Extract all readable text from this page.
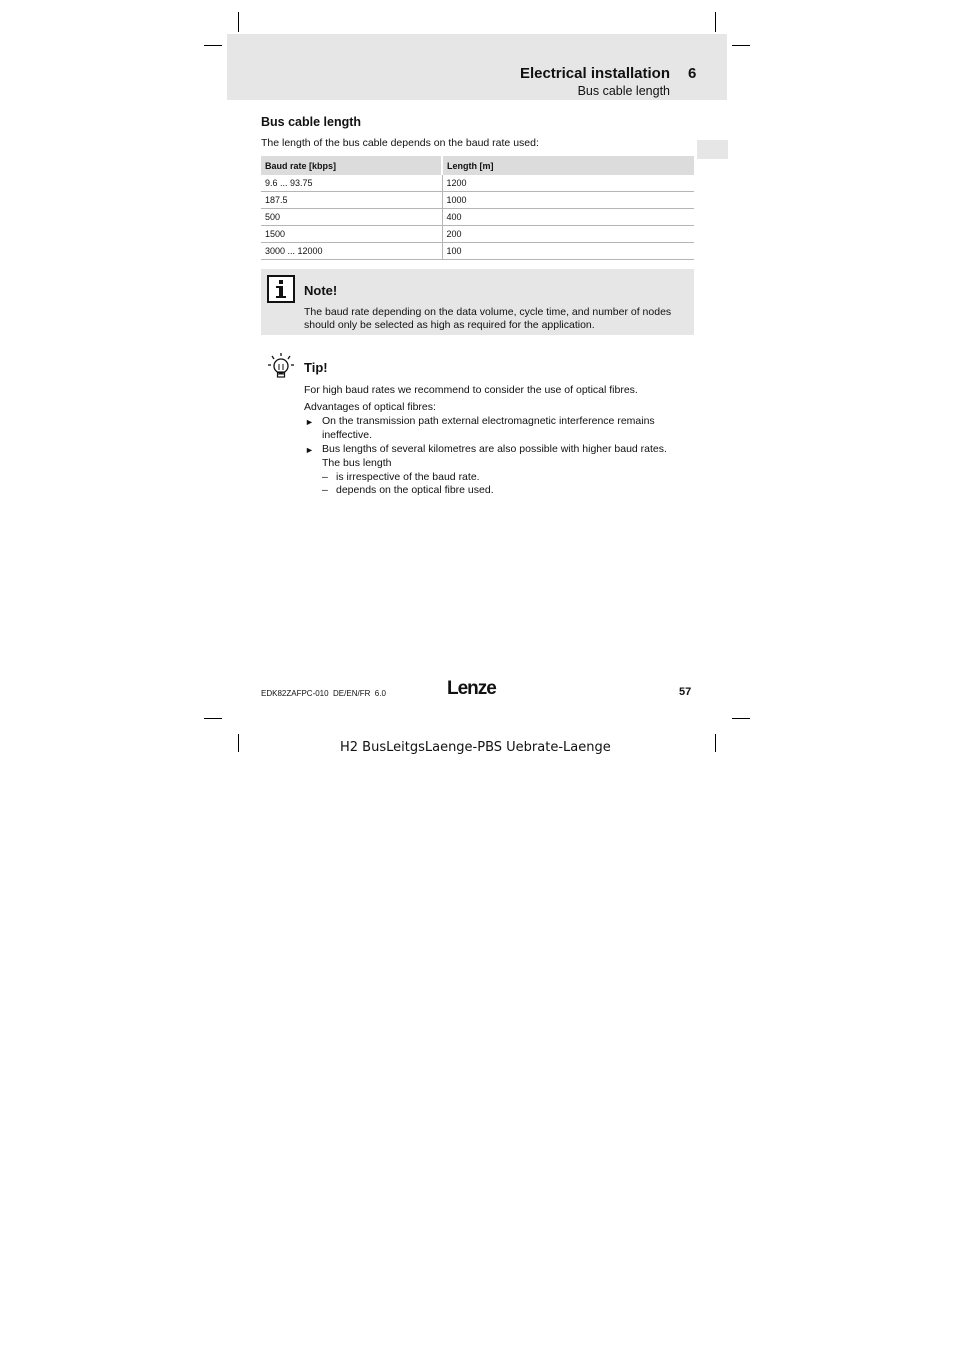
Electrical installation 6
Bus cable length
Bus cable length
The length of the bus cable depends on the baud rate used:
Baud rate [kbps]	Length [m]
9.6 ... 93.75	1200
187.5	1000
500	400
1500	200
3000 ... 12000	100
Note!
The baud rate depending on the data volume, cycle time, and number of nodes
should only be selected as high as required for the application.
Tip!
For high baud rates we recommend to consider the use of optical fibres.
Advantages of optical fibres:
► On the transmission path external electromagnetic interference remains
ineffective.
► Bus lengths of several kilometres are also possible with higher baud rates.
The bus length
– is irrespective of the baud rate.
– depends on the optical fibre used.
EDK82ZAFPC-010  DE/EN/FR  6.0	Lenze	57
H2 BusLeitgsLaenge-PBS Uebrate-Laenge
